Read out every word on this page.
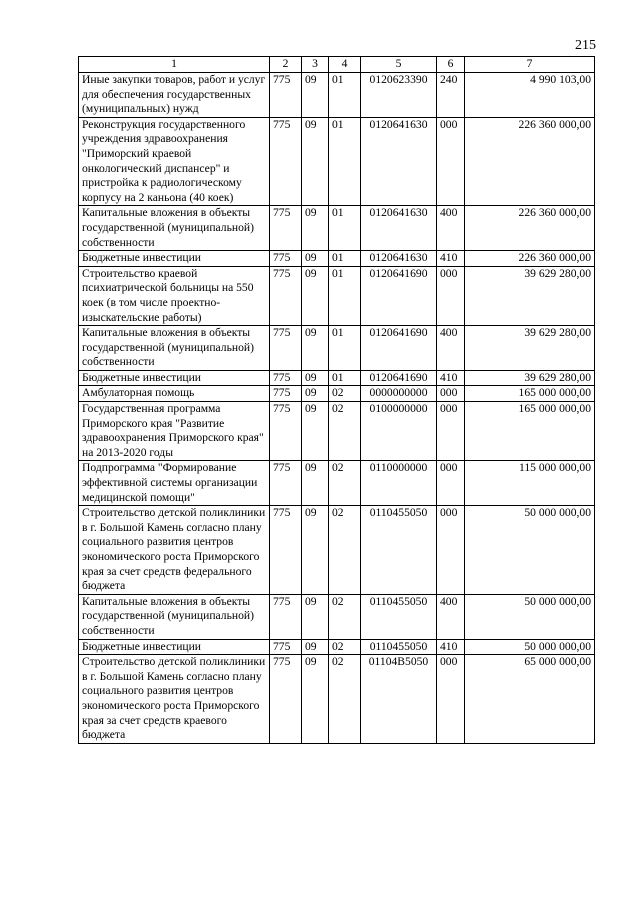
215
1	2	3	4	5	6	7
Иные закупки товаров, работ и услуг для обеспечения государственных (муниципальных) нужд	775	09	01	0120623390	240	4 990 103,00
Реконструкция государственного учреждения здравоохранения "Приморский краевой онкологический диспансер" и пристройка к радиологическому корпусу на 2 каньона (40 коек)	775	09	01	0120641630	000	226 360 000,00
Капитальные вложения в объекты государственной (муниципальной) собственности	775	09	01	0120641630	400	226 360 000,00
Бюджетные инвестиции	775	09	01	0120641630	410	226 360 000,00
Строительство краевой психиатрической больницы на 550 коек (в том числе проектно-изыскательские работы)	775	09	01	0120641690	000	39 629 280,00
Капитальные вложения в объекты государственной (муниципальной) собственности	775	09	01	0120641690	400	39 629 280,00
Бюджетные инвестиции	775	09	01	0120641690	410	39 629 280,00
Амбулаторная помощь	775	09	02	0000000000	000	165 000 000,00
Государственная программа Приморского края "Развитие здравоохранения Приморского края" на 2013-2020 годы	775	09	02	0100000000	000	165 000 000,00
Подпрограмма "Формирование эффективной системы организации медицинской помощи"	775	09	02	0110000000	000	115 000 000,00
Строительство детской поликлиники в г. Большой Камень согласно плану социального развития центров экономического роста Приморского края за счет средств федерального бюджета	775	09	02	0110455050	000	50 000 000,00
Капитальные вложения в объекты государственной (муниципальной) собственности	775	09	02	0110455050	400	50 000 000,00
Бюджетные инвестиции	775	09	02	0110455050	410	50 000 000,00
Строительство детской поликлиники в г. Большой Камень согласно плану социального развития центров экономического роста Приморского края за счет средств краевого бюджета	775	09	02	01104B5050	000	65 000 000,00
